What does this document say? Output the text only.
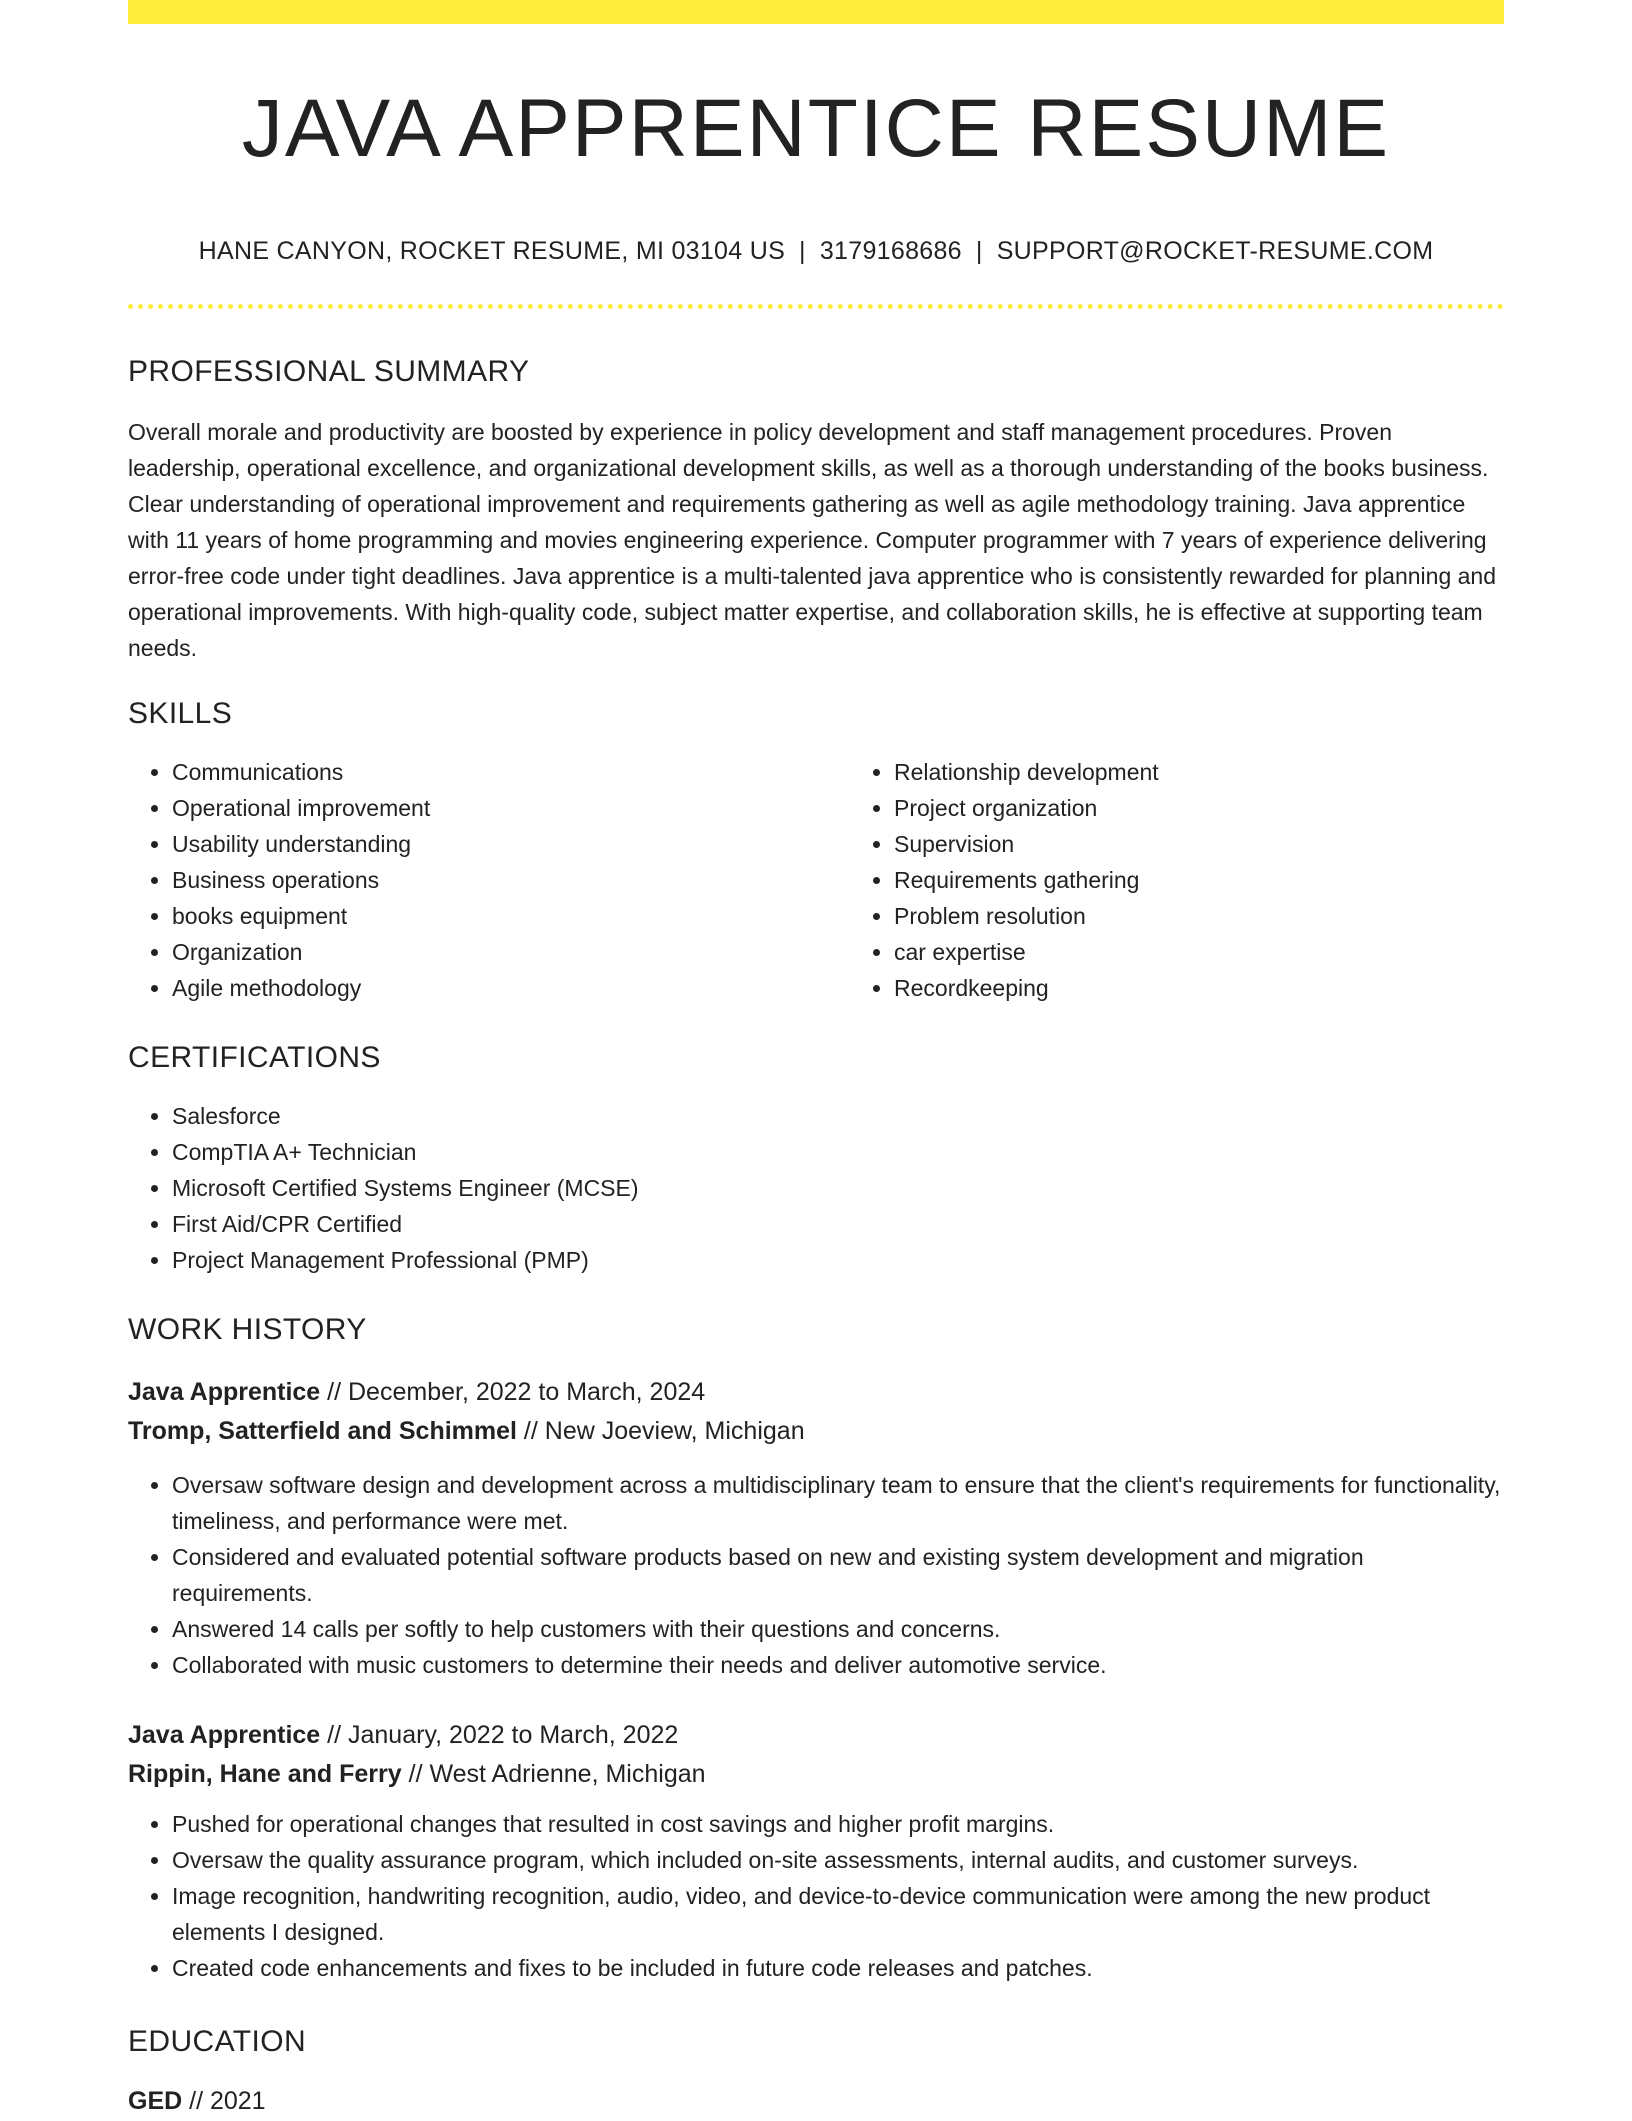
JAVA APPRENTICE RESUME
HANE CANYON, ROCKET RESUME, MI 03104 US | 3179168686 | SUPPORT@ROCKET-RESUME.COM
PROFESSIONAL SUMMARY

Overall morale and productivity are boosted by experience in policy development and staff management procedures. Proven leadership, operational excellence, and organizational development skills, as well as a thorough understanding of the books business. Clear understanding of operational improvement and requirements gathering as well as agile methodology training. Java apprentice with 11 years of home programming and movies engineering experience. Computer programmer with 7 years of experience delivering error-free code under tight deadlines. Java apprentice is a multi-talented java apprentice who is consistently rewarded for planning and operational improvements. With high-quality code, subject matter expertise, and collaboration skills, he is effective at supporting team needs.

SKILLS
• Communications
• Operational improvement
• Usability understanding
• Business operations
• books equipment
• Organization
• Agile methodology
• Relationship development
• Project organization
• Supervision
• Requirements gathering
• Problem resolution
• car expertise
• Recordkeeping
CERTIFICATIONS
• Salesforce
• CompTIA A+ Technician
• Microsoft Certified Systems Engineer (MCSE)
• First Aid/CPR Certified
• Project Management Professional (PMP)
WORK HISTORY
Java Apprentice // December, 2022 to March, 2024
Tromp, Satterfield and Schimmel // New Joeview, Michigan
• Oversaw software design and development across a multidisciplinary team to ensure that the client's requirements for functionality, timeliness, and performance were met.
• Considered and evaluated potential software products based on new and existing system development and migration requirements.
• Answered 14 calls per softly to help customers with their questions and concerns.
• Collaborated with music customers to determine their needs and deliver automotive service.
Java Apprentice // January, 2022 to March, 2022
Rippin, Hane and Ferry // West Adrienne, Michigan
• Pushed for operational changes that resulted in cost savings and higher profit margins.
• Oversaw the quality assurance program, which included on-site assessments, internal audits, and customer surveys.
• Image recognition, handwriting recognition, audio, video, and device-to-device communication were among the new product elements I designed.
• Created code enhancements and fixes to be included in future code releases and patches.
EDUCATION
GED // 2021
